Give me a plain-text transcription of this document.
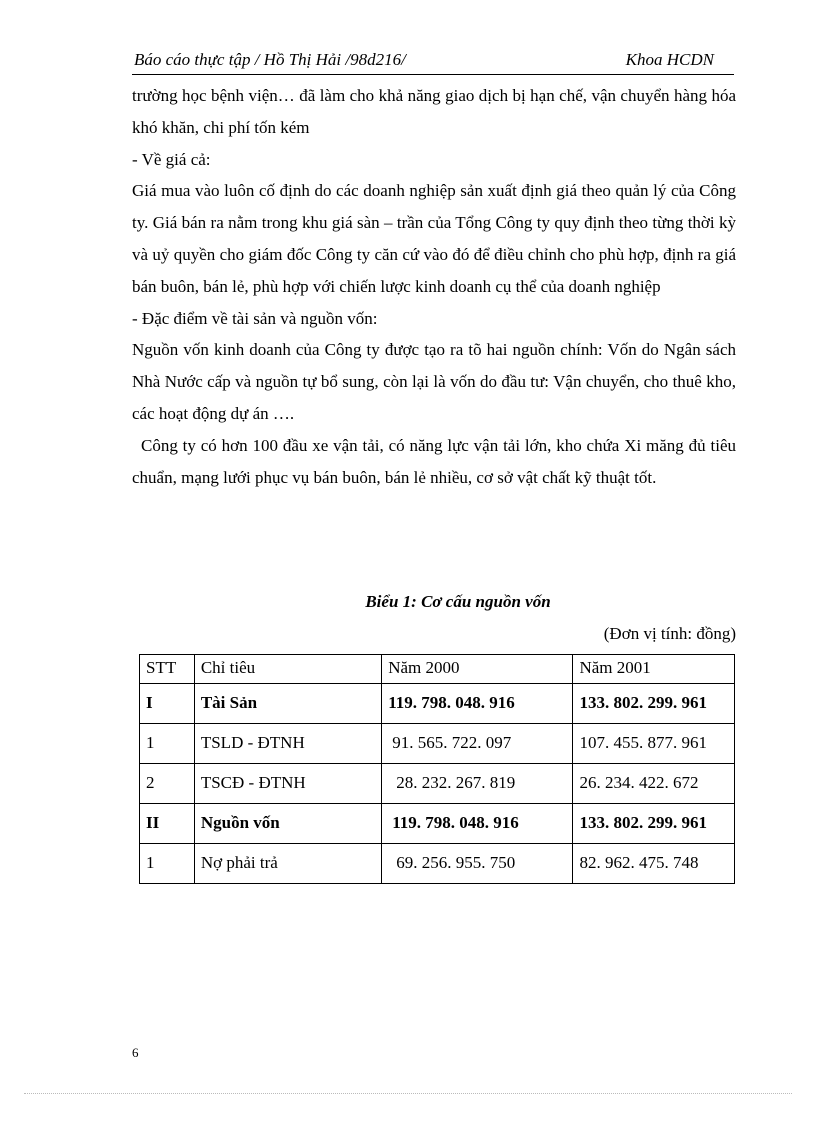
Báo cáo thực tập / Hồ Thị Hải /98d216/	Khoa HCDN

trường học bệnh viện… đã làm cho khả năng giao dịch bị hạn chế, vận chuyển hàng hóa khó khăn, chi phí tốn kém

- Về giá cả:

Giá mua vào luôn cố định do các doanh nghiệp sản xuất định giá theo quản lý của Công ty. Giá bán ra nằm trong khu giá sàn – trần của Tổng Công ty quy định theo từng thời kỳ và uỷ quyền cho giám đốc Công ty căn cứ vào đó để điều chỉnh cho phù hợp, định ra giá bán buôn, bán lẻ, phù hợp với chiến lược kinh doanh cụ thể của doanh nghiệp

- Đặc điểm về tài sản và nguồn vốn:

Nguồn vốn kinh doanh của Công ty được tạo ra tõ hai nguồn chính: Vốn do Ngân sách Nhà Nước cấp và nguồn tự bổ sung, còn lại là vốn do đầu tư: Vận chuyển, cho thuê kho, các hoạt động dự án ….

Công ty có hơn 100 đầu xe vận tải, có năng lực vận tải lớn, kho chứa Xi măng đủ tiêu chuẩn, mạng lưới phục vụ bán buôn, bán lẻ nhiều, cơ sở vật chất kỹ thuật tốt.

Biểu 1: Cơ cấu nguồn vốn
(Đơn vị tính: đồng)
STT	Chỉ tiêu	Năm 2000	Năm 2001
I	Tài Sản	119. 798. 048. 916	133. 802. 299. 961
1	TSLD - ĐTNH	91. 565. 722. 097	107. 455. 877. 961
2	TSCĐ - ĐTNH	28. 232. 267. 819	26. 234. 422. 672
II	Nguồn vốn	119. 798. 048. 916	133. 802. 299. 961
1	Nợ phải trả	69. 256. 955. 750	82. 962. 475. 748
6
